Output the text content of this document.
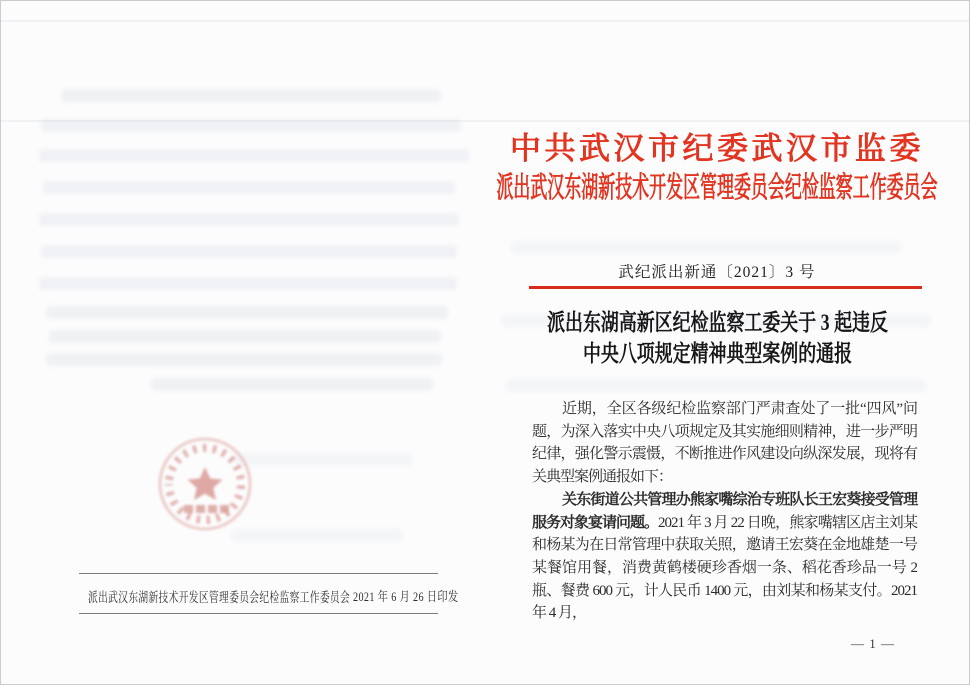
派出武汉东湖新技术开发区管理委员会纪检监察工作委员会 2021 年 6 月 26 日印发
中共武汉市纪委武汉市监委
派出武汉东湖新技术开发区管理委员会纪检监察工作委员会
武纪派出新通〔2021〕3 号
派出东湖高新区纪检监察工委关于 3 起违反
中央八项规定精神典型案例的通报

近期，全区各级纪检监察部门严肃查处了一批“四风”问题，为深入落实中央八项规定及其实施细则精神，进一步严明纪律，强化警示震慑，不断推进作风建设向纵深发展，现将有关典型案例通报如下：

关东街道公共管理办熊家嘴综治专班队长王宏葵接受管理服务对象宴请问题。2021 年 3 月 22 日晚，熊家嘴辖区店主刘某和杨某为在日常管理中获取关照，邀请王宏葵在金地雄楚一号某餐馆用餐，消费黄鹤楼硬珍香烟一条、稻花香珍品一号 2 瓶、餐费 600 元，计人民币 1400 元，由刘某和杨某支付。2021 年 4 月，

— 1 —
